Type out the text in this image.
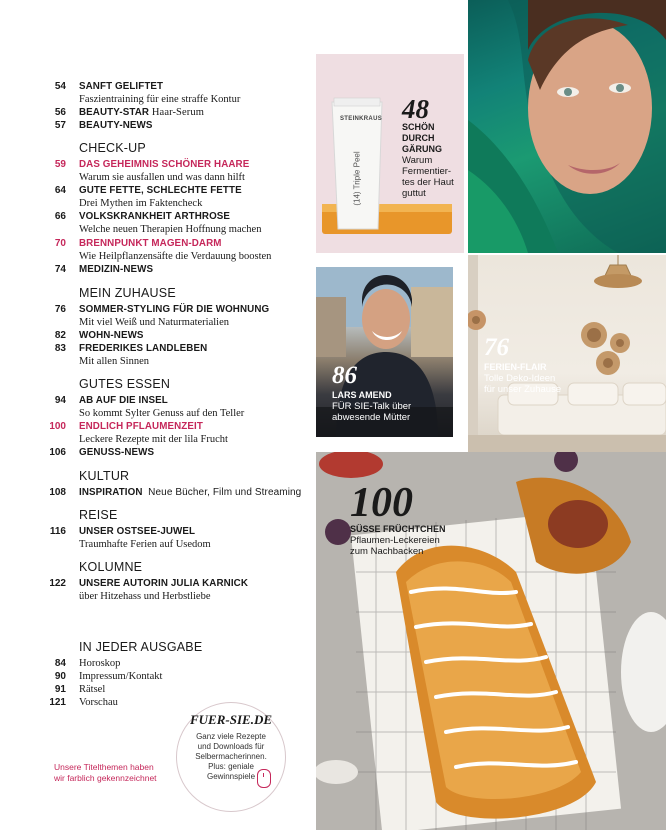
54 SANFT GELIFTET
Faszientraining für eine straffe Kontur
56 BEAUTY-STAR Haar-Serum
57 BEAUTY-NEWS
CHECK-UP
59 DAS GEHEIMNIS SCHÖNER HAARE
Warum sie ausfallen und was dann hilft
64 GUTE FETTE, SCHLECHTE FETTE
Drei Mythen im Faktencheck
66 VOLKSKRANKHEIT ARTHROSE
Welche neuen Therapien Hoffnung machen
70 BRENNPUNKT MAGEN-DARM
Wie Heilpflanzensäfte die Verdauung boosten
74 MEDIZIN-NEWS
MEIN ZUHAUSE
76 SOMMER-STYLING FÜR DIE WOHNUNG
Mit viel Weiß und Naturmaterialien
82 WOHN-NEWS
83 FREDERIKES LANDLEBEN
Mit allen Sinnen
GUTES ESSEN
94 AB AUF DIE INSEL
So kommt Sylter Genuss auf den Teller
100 ENDLICH PFLAUMENZEIT
Leckere Rezepte mit der lila Frucht
106 GENUSS-NEWS
KULTUR
108 INSPIRATION Neue Bücher, Film und Streaming
REISE
116 UNSER OSTSEE-JUWEL
Traumhafte Ferien auf Usedom
KOLUMNE
122 UNSERE AUTORIN JULIA KARNICK
über Hitzehass und Herbstliebe
IN JEDER AUSGABE
84 Horoskop
90 Impressum/Kontakt
91 Rätsel
121 Vorschau
Unsere Titelthemen haben
wir farblich gekennzeichnet
FUER-SIE.DE
Ganz viele Rezepte
und Downloads für
Selbermacherinnen.
Plus: geniale
Gewinnspiele
STEINKRAUS
(14) Triple Peel
48
SCHÖN
DURCH
GÄRUNG
Warum
Fermentier-
tes der Haut
guttut
86
LARS AMEND
FÜR SIE-Talk über
abwesende Mütter
76
FERIEN-FLAIR
Tolle Deko-Ideen
für unser Zuhause
100
SÜSSE FRÜCHTCHEN
Pflaumen-Leckereien
zum Nachbacken
